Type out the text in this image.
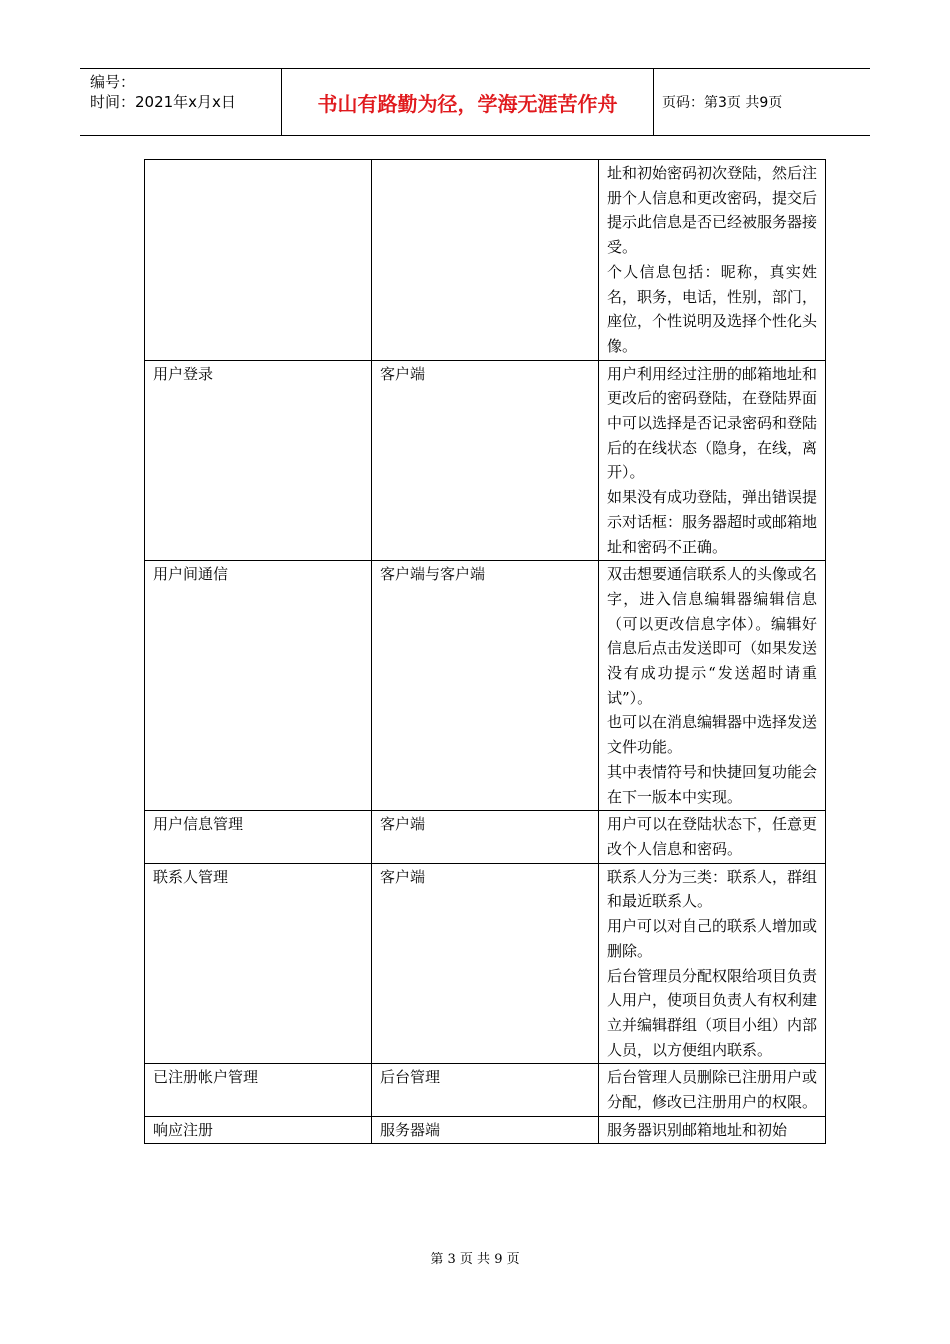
编号：
时间：2021年x月x日	书山有路勤为径，学海无涯苦作舟	页码：第3页 共9页

		址和初始密码初次登陆，然后注册个人信息和更改密码，提交后提示此信息是否已经被服务器接受。
个人信息包括：昵称，真实姓名，职务，电话，性别，部门，座位，个性说明及选择个性化头像。

用户登录	客户端	用户利用经过注册的邮箱地址和更改后的密码登陆，在登陆界面中可以选择是否记录密码和登陆后的在线状态（隐身，在线，离开）。
如果没有成功登陆，弹出错误提示对话框：服务器超时或邮箱地址和密码不正确。

用户间通信	客户端与客户端	双击想要通信联系人的头像或名字，进入信息编辑器编辑信息（可以更改信息字体）。编辑好信息后点击发送即可（如果发送没有成功提示“发送超时请重试”）。
也可以在消息编辑器中选择发送文件功能。
其中表情符号和快捷回复功能会在下一版本中实现。

用户信息管理	客户端	用户可以在登陆状态下，任意更改个人信息和密码。

联系人管理	客户端	联系人分为三类：联系人，群组和最近联系人。
用户可以对自己的联系人增加或删除。
后台管理员分配权限给项目负责人用户，使项目负责人有权利建立并编辑群组（项目小组）内部人员，以方便组内联系。

已注册帐户管理	后台管理	后台管理人员删除已注册用户或分配，修改已注册用户的权限。

响应注册	服务器端	服务器识别邮箱地址和初始
第 3 页 共 9 页
